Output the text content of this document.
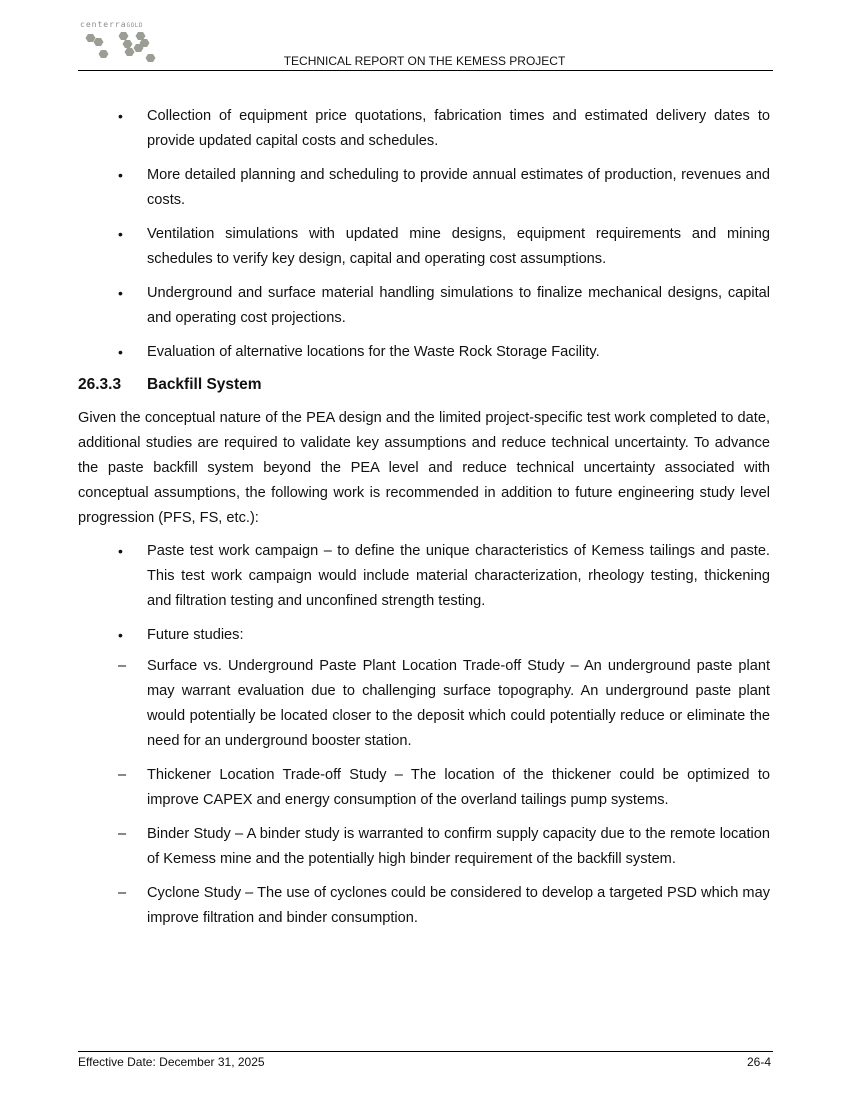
centerraGOLD
TECHNICAL REPORT ON THE KEMESS PROJECT
• Collection of equipment price quotations, fabrication times and estimated delivery dates to provide updated capital costs and schedules.
• More detailed planning and scheduling to provide annual estimates of production, revenues and costs.
• Ventilation simulations with updated mine designs, equipment requirements and mining schedules to verify key design, capital and operating cost assumptions.
• Underground and surface material handling simulations to finalize mechanical designs, capital and operating cost projections.
• Evaluation of alternative locations for the Waste Rock Storage Facility.
26.3.3 Backfill System

Given the conceptual nature of the PEA design and the limited project-specific test work completed to date, additional studies are required to validate key assumptions and reduce technical uncertainty. To advance the paste backfill system beyond the PEA level and reduce technical uncertainty associated with conceptual assumptions, the following work is recommended in addition to future engineering study level progression (PFS, FS, etc.):

• Paste test work campaign – to define the unique characteristics of Kemess tailings and paste. This test work campaign would include material characterization, rheology testing, thickening and filtration testing and unconfined strength testing.
• Future studies:
– Surface vs. Underground Paste Plant Location Trade-off Study – An underground paste plant may warrant evaluation due to challenging surface topography. An underground paste plant would potentially be located closer to the deposit which could potentially reduce or eliminate the need for an underground booster station.
– Thickener Location Trade-off Study – The location of the thickener could be optimized to improve CAPEX and energy consumption of the overland tailings pump systems.
– Binder Study – A binder study is warranted to confirm supply capacity due to the remote location of Kemess mine and the potentially high binder requirement of the backfill system.
– Cyclone Study – The use of cyclones could be considered to develop a targeted PSD which may improve filtration and binder consumption.
Effective Date: December 31, 2025	26-4
